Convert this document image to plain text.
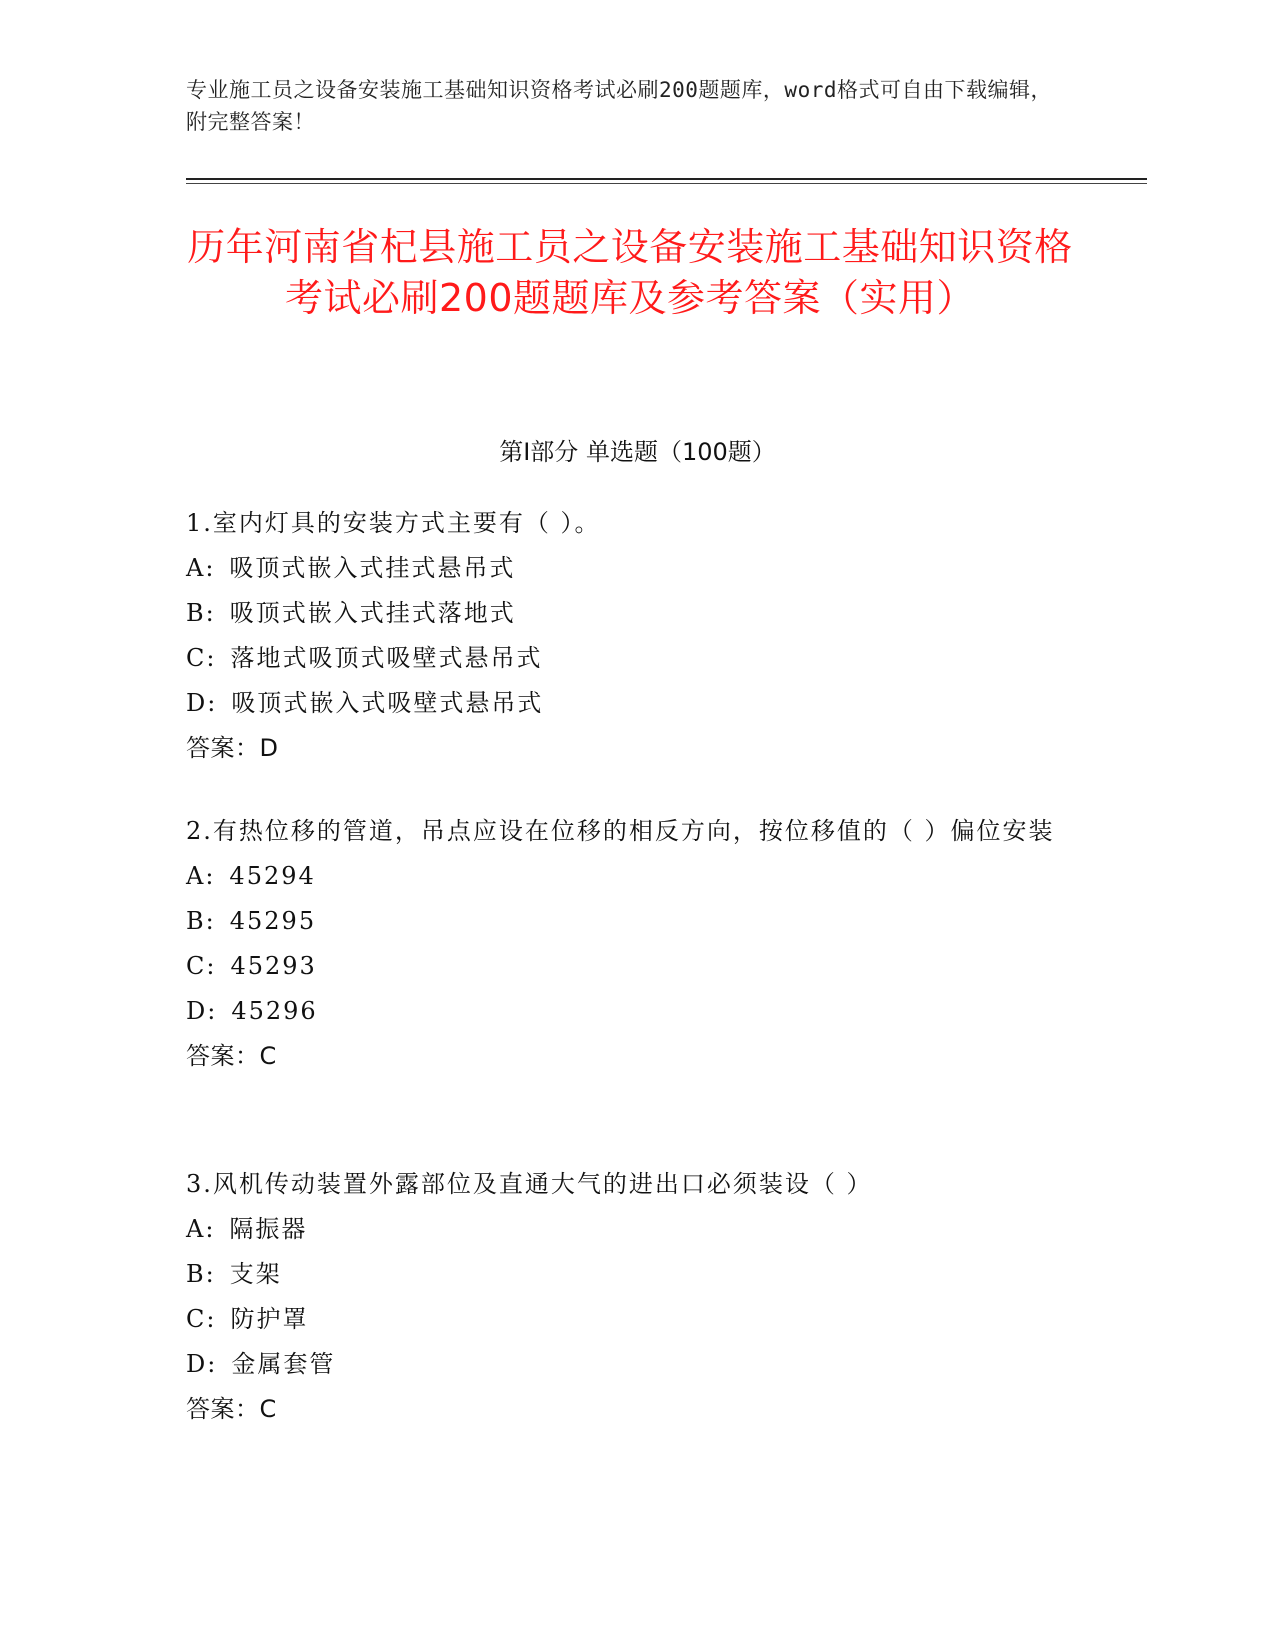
专业施工员之设备安装施工基础知识资格考试必刷200题题库，word格式可自由下载编辑，附完整答案！
历年河南省杞县施工员之设备安装施工基础知识资格考试必刷200题题库及参考答案（实用）
第Ⅰ部分 单选题（100题）
1.室内灯具的安装方式主要有（ ）。
A: 吸顶式嵌入式挂式悬吊式
B: 吸顶式嵌入式挂式落地式
C: 落地式吸顶式吸壁式悬吊式
D: 吸顶式嵌入式吸壁式悬吊式
答案：D
2.有热位移的管道，吊点应设在位移的相反方向，按位移值的（ ）偏位安装
A: 45294
B: 45295
C: 45293
D: 45296
答案：C
3.风机传动装置外露部位及直通大气的进出口必须装设（ ）
A: 隔振器
B: 支架
C: 防护罩
D: 金属套管
答案：C
